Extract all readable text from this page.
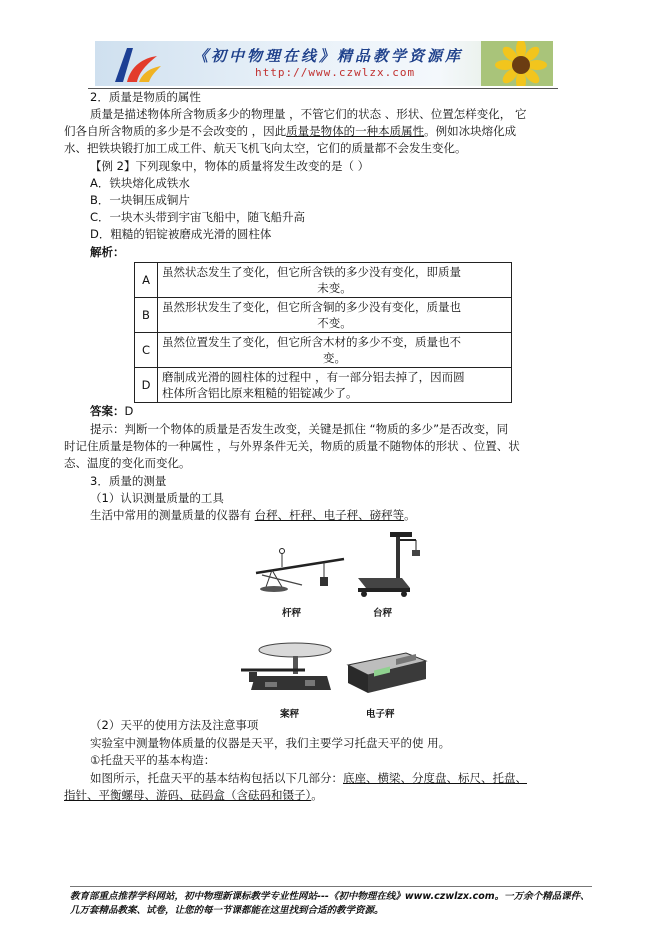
《初中物理在线》精品教学资源库
http://www.czwlzx.com
2．质量是物质的属性
质量是描述物体所含物质多少的物理量 ，不管它们的状态 、形状、位置怎样变化， 它
们各自所含物质的多少是不会改变的 ，因此质量是物体的一种本质属性。例如冰块熔化成
水、把铁块锻打加工成工件、航天飞机飞向太空，它们的质量都不会发生变化。
【例 2】下列现象中，物体的质量将发生改变的是（ ）
A．铁块熔化成铁水
B．一块铜压成铜片
C．一块木头带到宇宙飞船中，随飞船升高
D．粗糙的铝锭被磨成光滑的圆柱体
解析：
A	虽然状态发生了变化，但它所含铁的多少没有变化，即质量
未变。

B	虽然形状发生了变化，但它所含铜的多少没有变化，质量也
不变。

C	虽然位置发生了变化，但它所含木材的多少不变，质量也不
变。

D	磨制成光滑的圆柱体的过程中 ，有一部分铝去掉了，因而圆
柱体所含铝比原来粗糙的铝锭减少了。
答案：D
提示：判断一个物体的质量是否发生改变，关键是抓住 “物质的多少”是否改变，同
时记住质量是物体的一种属性 ，与外界条件无关，物质的质量不随物体的形状 、位置、状
态、温度的变化而变化。
3．质量的测量
（1）认识测量质量的工具
生活中常用的测量质量的仪器有 台秤、杆秤、电子秤、磅秤等。
杆秤	台秤
案秤	电子秤
（2）天平的使用方法及注意事项
实验室中测量物体质量的仪器是天平，我们主要学习托盘天平的使 用。
①托盘天平的基本构造：
如图所示，托盘天平的基本结构包括以下几部分：底座、横梁、分度盘、标尺、托盘、
指针、平衡螺母、游码、砝码盒（含砝码和镊子）。
教育部重点推荐学科网站，初中物理新课标教学专业性网站---《初中物理在线》www.czwlzx.com。一万余个精品课件、
几万套精品教案、试卷，让您的每一节课都能在这里找到合适的教学资源。
